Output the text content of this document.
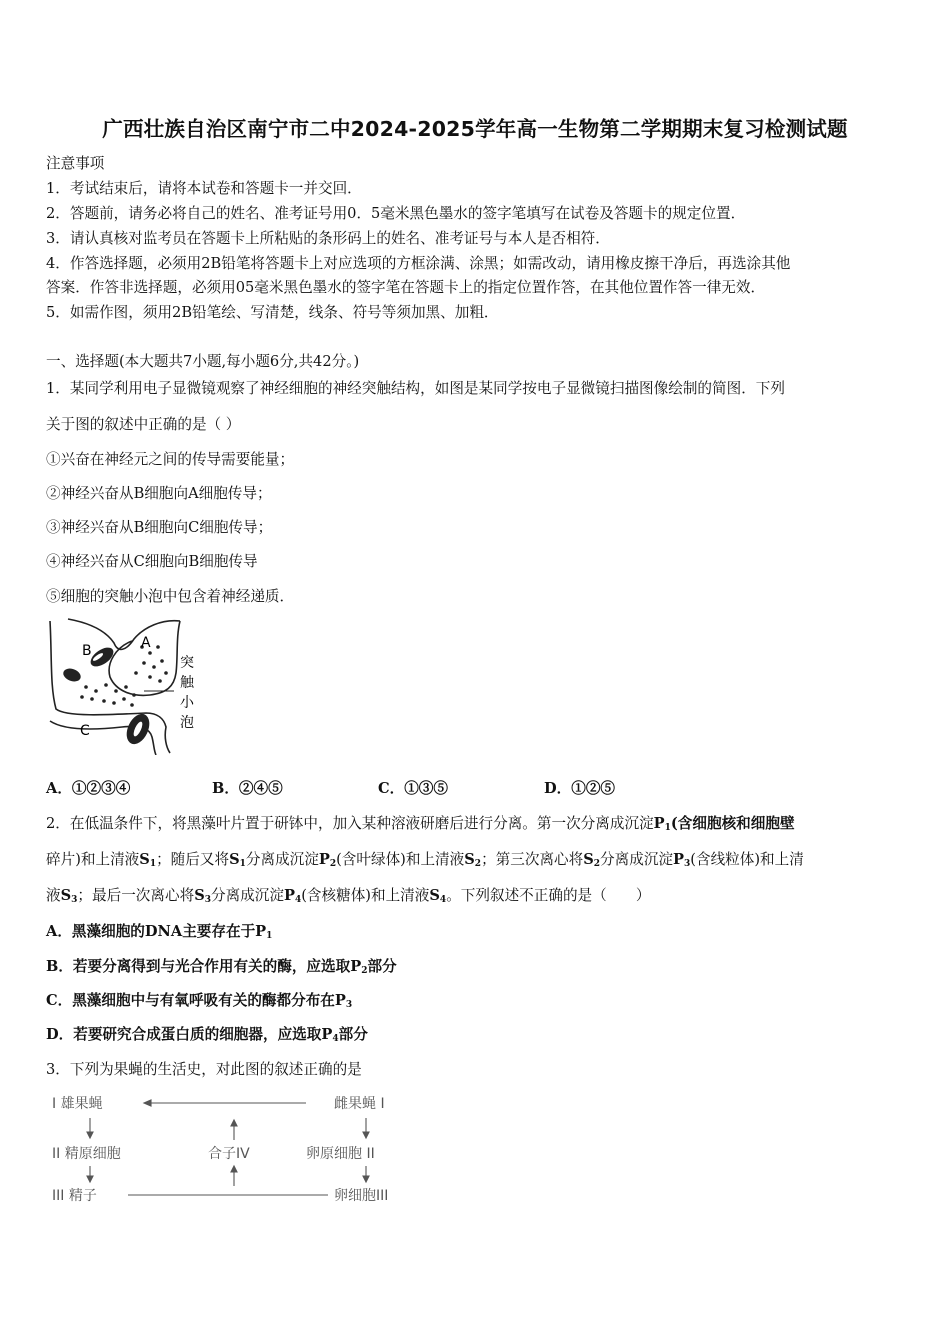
广西壮族自治区南宁市二中2024-2025学年高一生物第二学期期末复习检测试题
注意事项
1．考试结束后，请将本试卷和答题卡一并交回．
2．答题前，请务必将自己的姓名、准考证号用0．5毫米黑色墨水的签字笔填写在试卷及答题卡的规定位置．
3．请认真核对监考员在答题卡上所粘贴的条形码上的姓名、准考证号与本人是否相符．
4．作答选择题，必须用2B铅笔将答题卡上对应选项的方框涂满、涂黑；如需改动，请用橡皮擦干净后，再选涂其他
答案．作答非选择题，必须用05毫米黑色墨水的签字笔在答题卡上的指定位置作答，在其他位置作答一律无效．
5．如需作图，须用2B铅笔绘、写清楚，线条、符号等须加黑、加粗．
一、选择题(本大题共7小题,每小题6分,共42分。)
1．某同学利用电子显微镜观察了神经细胞的神经突触结构，如图是某同学按电子显微镜扫描图像绘制的简图．下列
关于图的叙述中正确的是（ ）
①兴奋在神经元之间的传导需要能量；
②神经兴奋从B细胞向A细胞传导；
③神经兴奋从B细胞向C细胞传导；
④神经兴奋从C细胞向B细胞传导
⑤细胞的突触小泡中包含着神经递质．
A
B
C
突
触
小
泡
A．①②③④	B．②④⑤	C．①③⑤	D．①②⑤
2．在低温条件下，将黑藻叶片置于研钵中，加入某种溶液研磨后进行分离。第一次分离成沉淀$P_1$(含细胞核和细胞壁
碎片)和上清液$S_1$；随后又将$S_1$分离成沉淀$P_2$(含叶绿体)和上清液$S_2$；第三次离心将$S_2$分离成沉淀$P_3$(含线粒体)和上清
液$S_3$；最后一次离心将$S_3$分离成沉淀$P_4$(含核糖体)和上清液$S_4$。下列叙述不正确的是（　　）
A．黑藻细胞的DNA主要存在于$P_1$
B．若要分离得到与光合作用有关的酶，应选取$P_2$部分
C．黑藻细胞中与有氧呼吸有关的酶都分布在$P_3$
D．若要研究合成蛋白质的细胞器，应选取$P_4$部分
3．下列为果蝇的生活史，对此图的叙述正确的是
I 雄果蝇	雌果蝇 I
II 精原细胞	合子IV	卵原细胞 II
III 精子	卵细胞III
